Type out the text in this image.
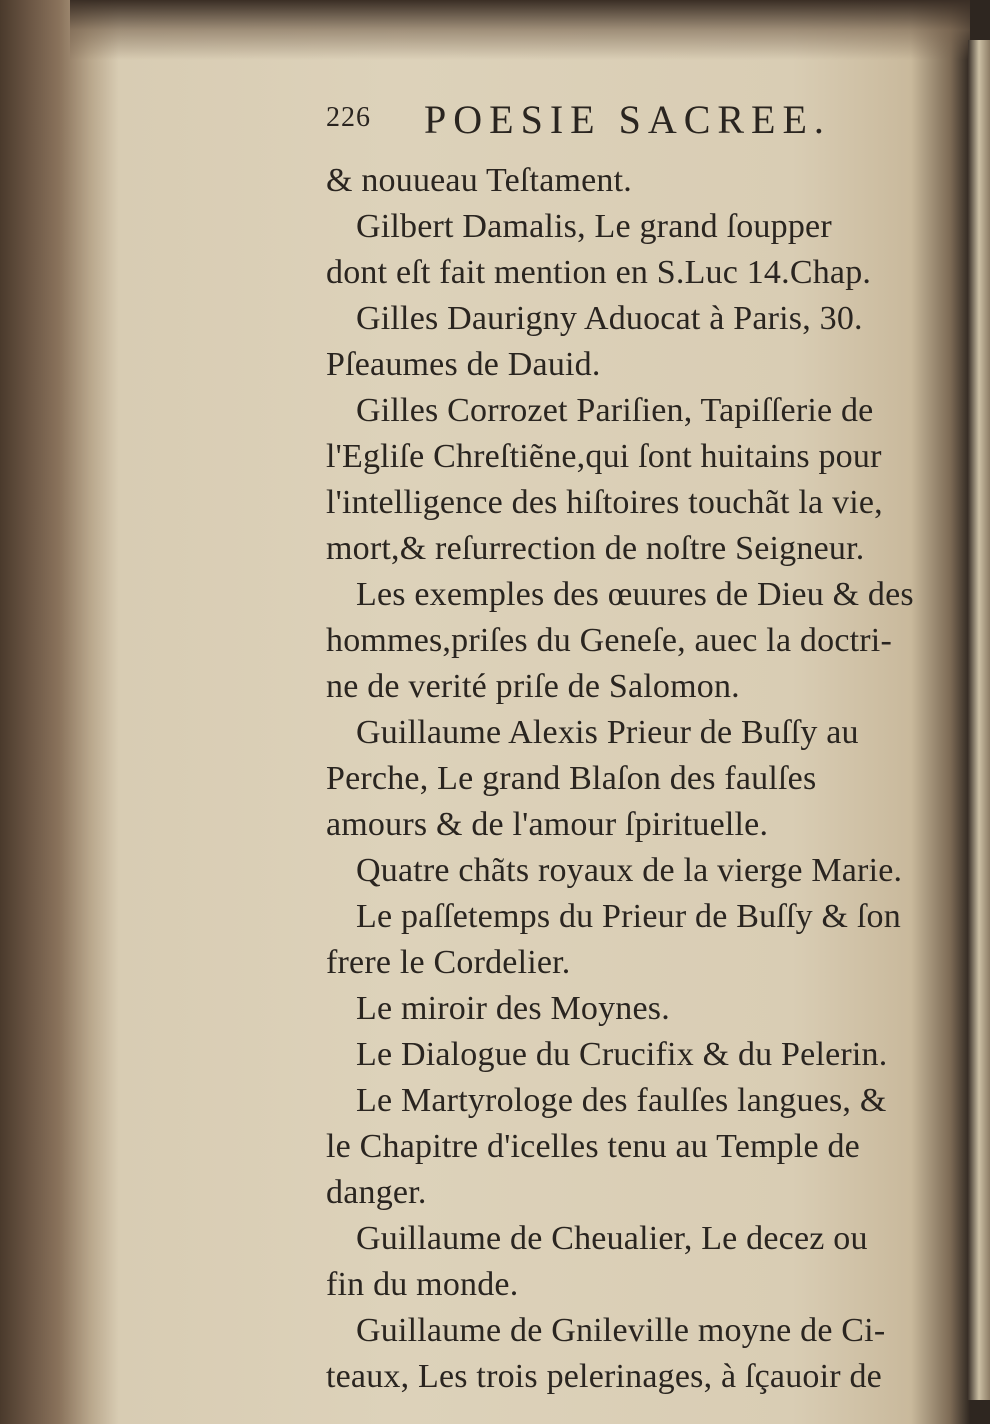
226 POESIE SACREE.
& nouueau Teſtament.
Gilbert Damalis, Le grand ſoupper
dont eſt fait mention en S.Luc 14.Chap.
Gilles Daurigny Aduocat à Paris, 30.
Pſeaumes de Dauid.
Gilles Corrozet Pariſien, Tapiſſerie de
l'Egliſe Chreſtiẽne,qui ſont huitains pour
l'intelligence des hiſtoires touchãt la vie,
mort,& reſurrection de noſtre Seigneur.
Les exemples des œuures de Dieu & des
hommes,priſes du Geneſe, auec la doctri-
ne de verité priſe de Salomon.
Guillaume Alexis Prieur de Buſſy au
Perche, Le grand Blaſon des faulſes
amours & de l'amour ſpirituelle.
Quatre chãts royaux de la vierge Marie.
Le paſſetemps du Prieur de Buſſy & ſon
frere le Cordelier.
Le miroir des Moynes.
Le Dialogue du Crucifix & du Pelerin.
Le Martyrologe des faulſes langues, &
le Chapitre d'icelles tenu au Temple de
danger.
Guillaume de Cheualier, Le decez ou
fin du monde.
Guillaume de Gnileville moyne de Ci-
teaux, Les trois pelerinages, à ſçauoir de
